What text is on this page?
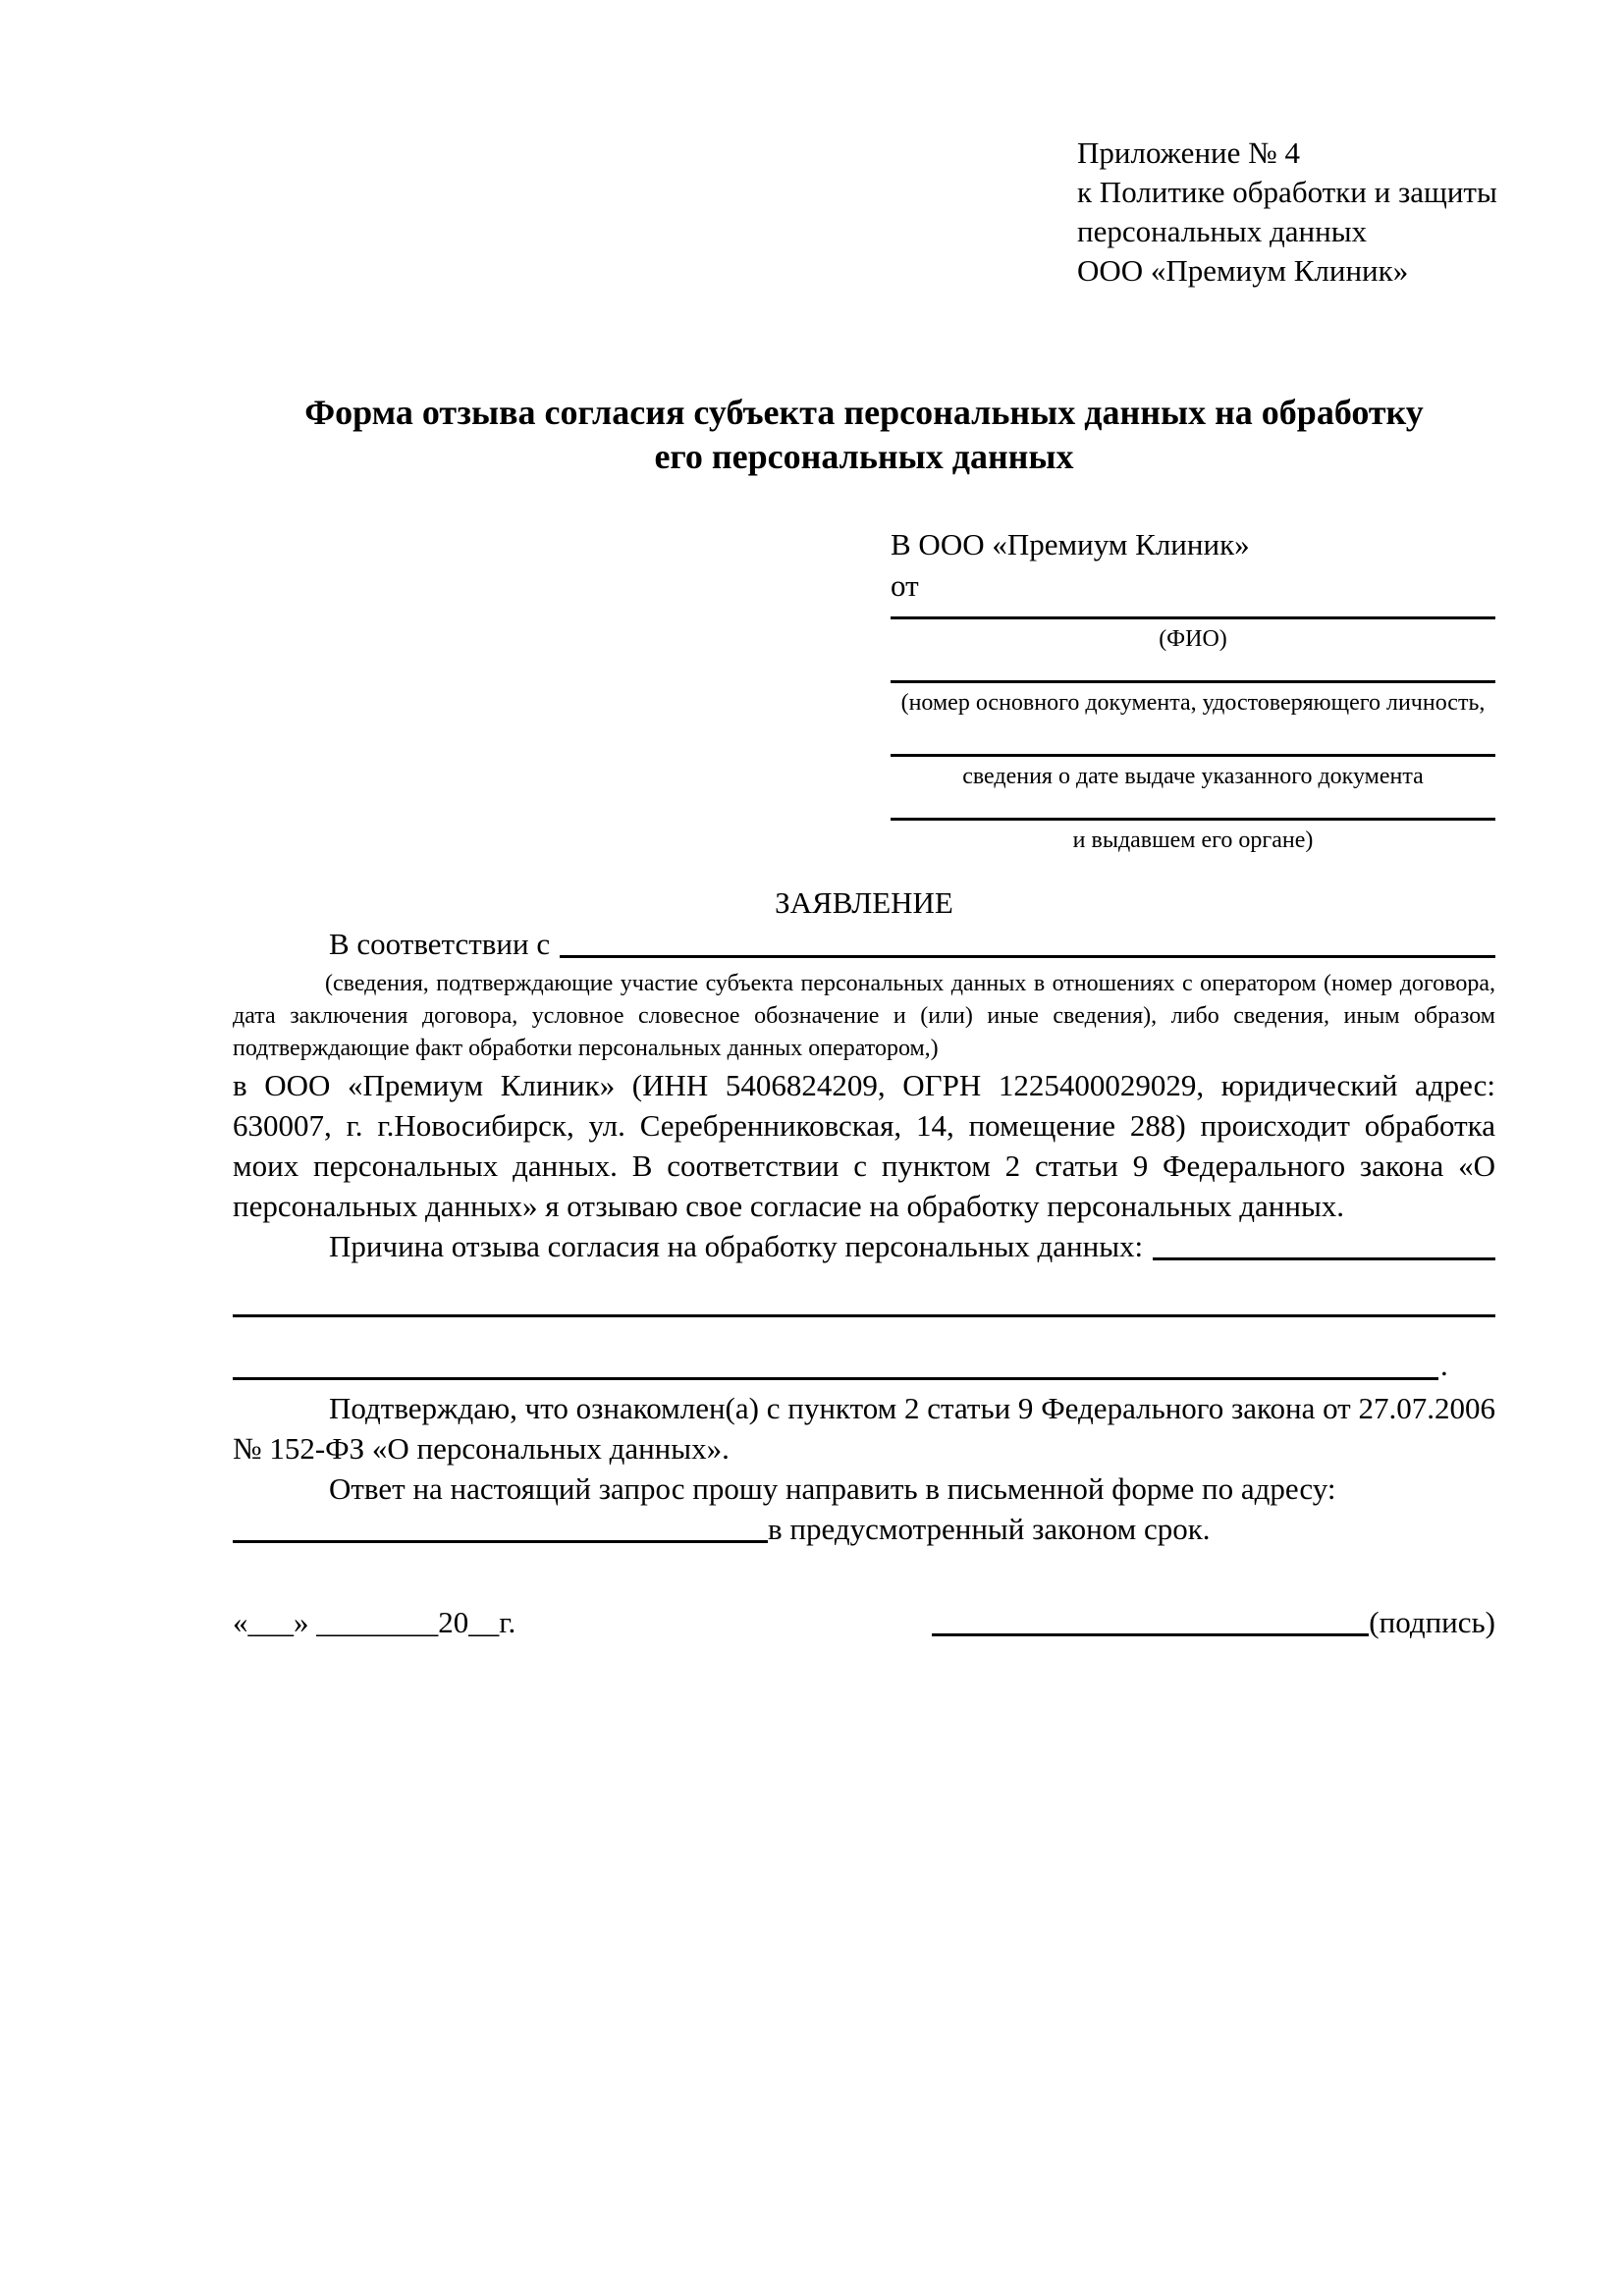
Приложение № 4
к Политике обработки и защиты
персональных данных
ООО «Премиум Клиник»
Форма отзыва согласия субъекта персональных данных на обработку
его персональных данных
В ООО «Премиум Клиник»
от
(ФИО)
(номер основного документа, удостоверяющего личность,
сведения о дате выдаче указанного документа
и выдавшем его органе)
ЗАЯВЛЕНИЕ
В соответствии с
(сведения, подтверждающие участие субъекта персональных данных в отношениях с оператором (номер договора, дата заключения договора, условное словесное обозначение и (или) иные сведения), либо сведения, иным образом подтверждающие факт обработки персональных данных оператором,)
в ООО «Премиум Клиник» (ИНН 5406824209, ОГРН 1225400029029, юридический адрес: 630007, г. г.Новосибирск, ул. Серебренниковская, 14, помещение 288) происходит обработка моих персональных данных. В соответствии с пунктом 2 статьи 9 Федерального закона «О персональных данных» я отзываю свое согласие на обработку персональных данных.
Причина отзыва согласия на обработку персональных данных:
.
Подтверждаю, что ознакомлен(а) с пунктом 2 статьи 9 Федерального закона от 27.07.2006 № 152-ФЗ «О персональных данных».
Ответ на настоящий запрос прошу направить в письменной форме по адресу:
в предусмотренный законом срок.
«___» ________20__г.	(подпись)
